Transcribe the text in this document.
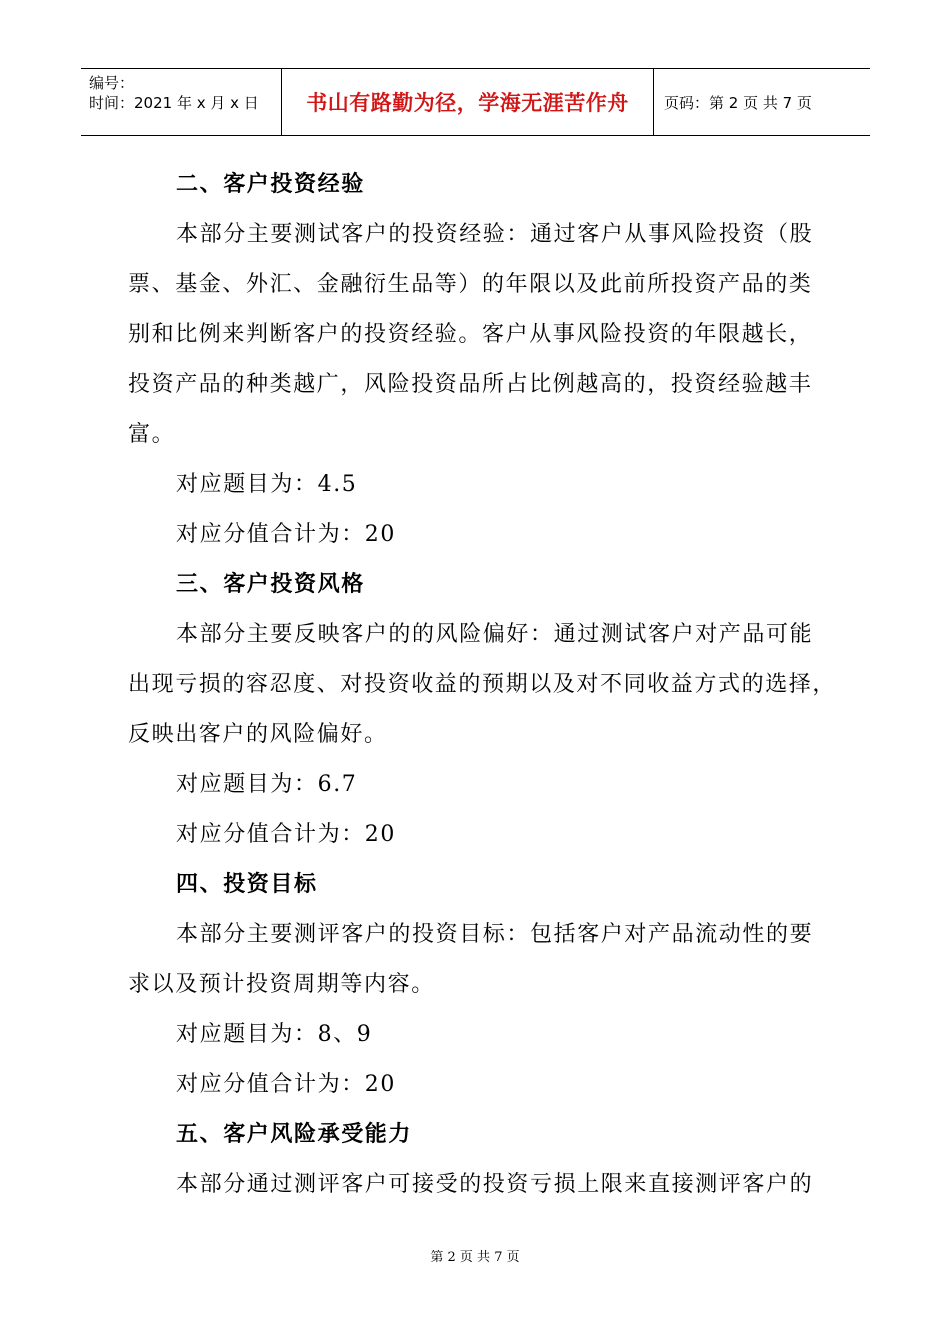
编号：
时间：2021 年 x 月 x 日	书山有路勤为径，学海无涯苦作舟	页码：第 2 页 共 7 页
二、客户投资经验
本部分主要测试客户的投资经验：通过客户从事风险投资（股
票、基金、外汇、金融衍生品等）的年限以及此前所投资产品的类
别和比例来判断客户的投资经验。客户从事风险投资的年限越长，
投资产品的种类越广，风险投资品所占比例越高的，投资经验越丰
富。
对应题目为：4.5
对应分值合计为：20
三、客户投资风格
本部分主要反映客户的的风险偏好：通过测试客户对产品可能
出现亏损的容忍度、对投资收益的预期以及对不同收益方式的选择，
反映出客户的风险偏好。
对应题目为：6.7
对应分值合计为：20
四、投资目标
本部分主要测评客户的投资目标：包括客户对产品流动性的要
求以及预计投资周期等内容。
对应题目为：8、9
对应分值合计为：20
五、客户风险承受能力
本部分通过测评客户可接受的投资亏损上限来直接测评客户的
第 2 页 共 7 页
